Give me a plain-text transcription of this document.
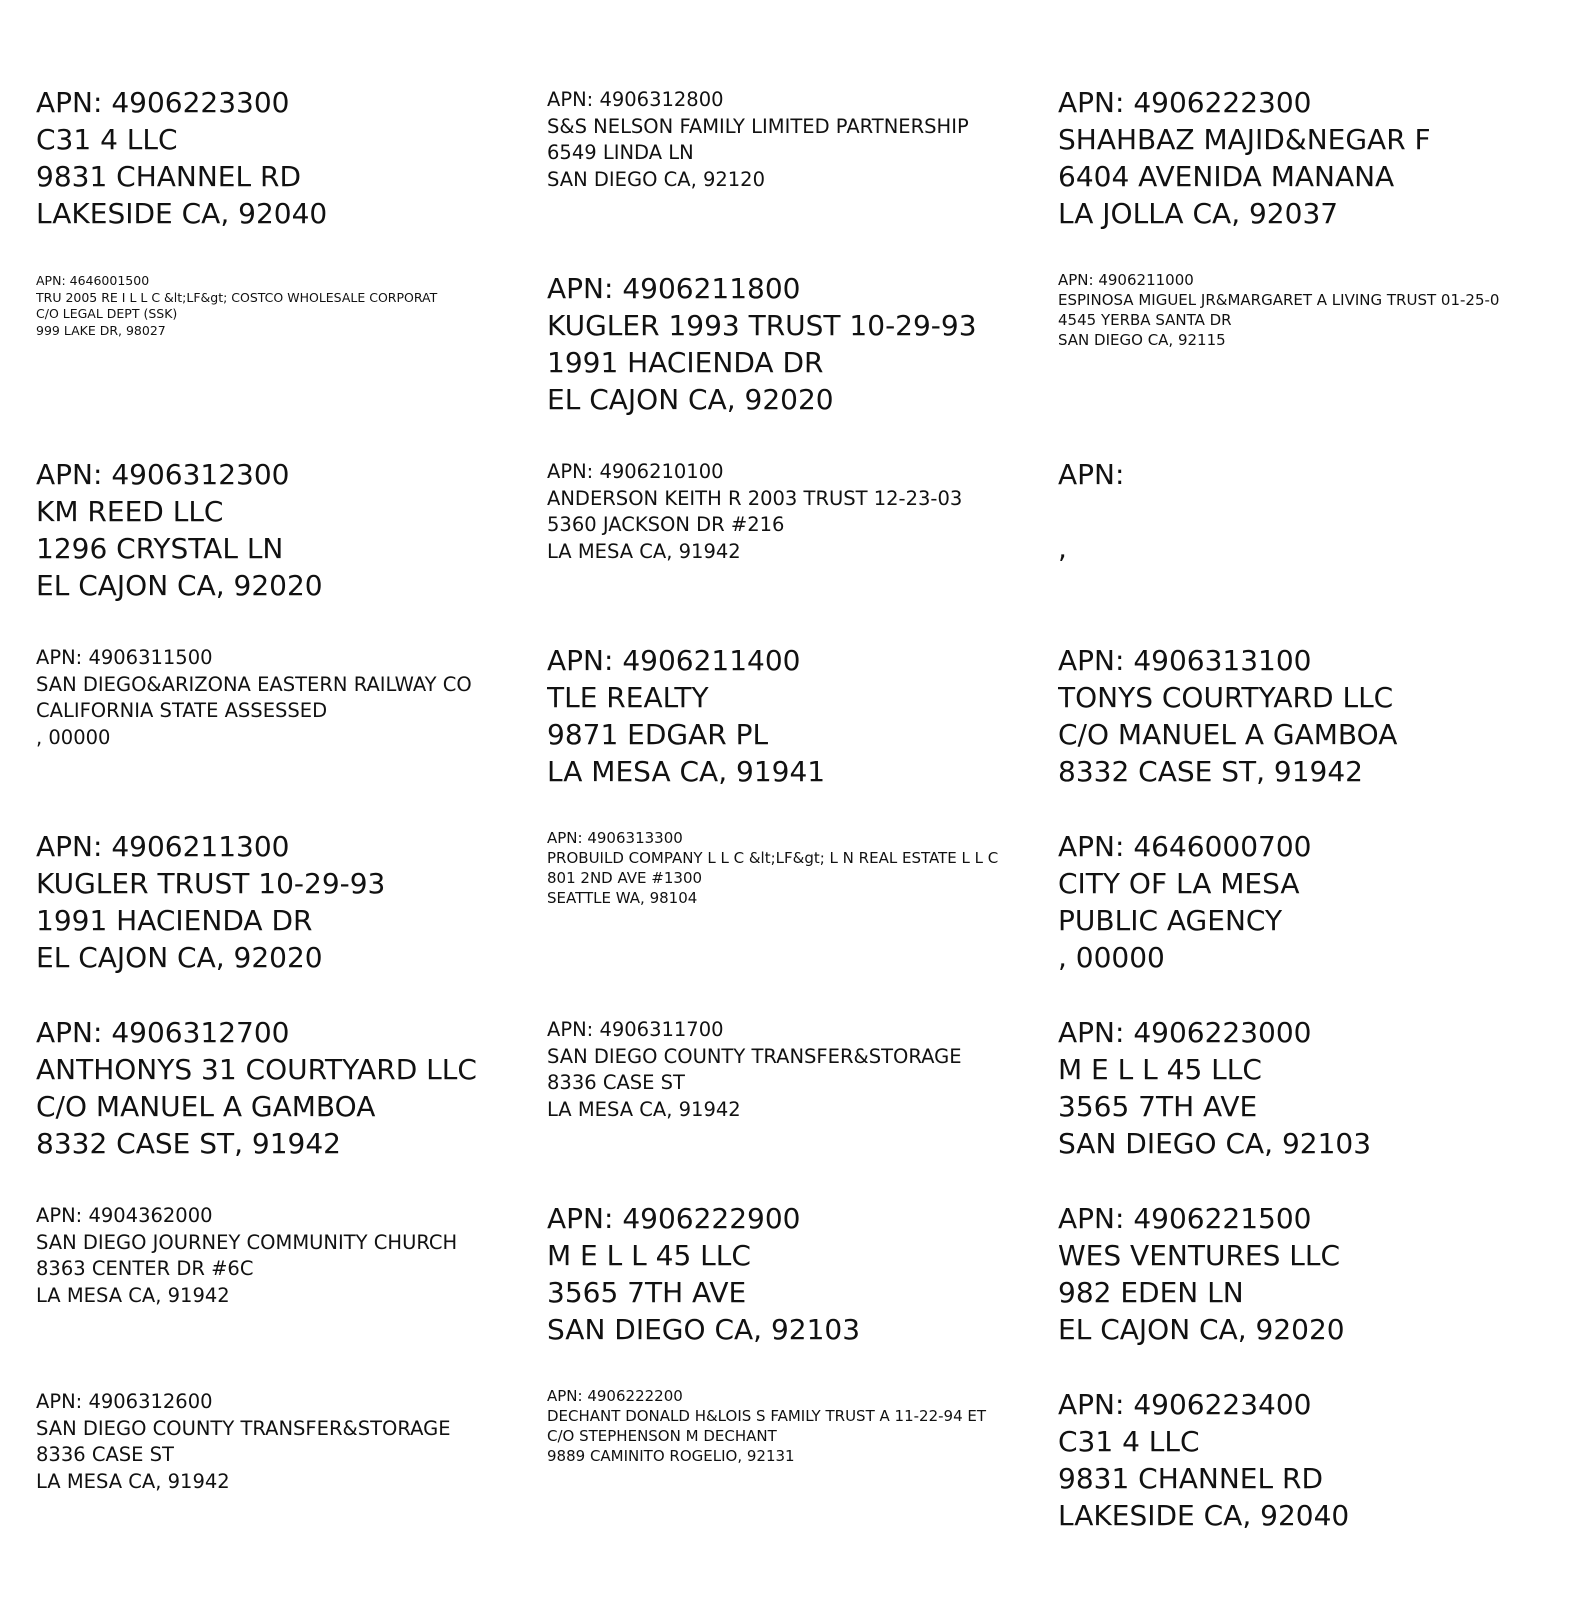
APN: 4906223300
C31 4 LLC
9831 CHANNEL RD
LAKESIDE CA, 92040
APN: 4906312800
S&S NELSON FAMILY LIMITED PARTNERSHIP
6549 LINDA LN
SAN DIEGO CA, 92120
APN: 4906222300
SHAHBAZ MAJID&NEGAR F
6404 AVENIDA MANANA
LA JOLLA CA, 92037
APN: 4646001500
TRU 2005 RE I L L C &lt;LF&gt; COSTCO WHOLESALE CORPORAT
C/O LEGAL DEPT (SSK)
999 LAKE DR, 98027
APN: 4906211800
KUGLER 1993 TRUST 10-29-93
1991 HACIENDA DR
EL CAJON CA, 92020
APN: 4906211000
ESPINOSA MIGUEL JR&MARGARET A LIVING TRUST 01-25-0
4545 YERBA SANTA DR
SAN DIEGO CA, 92115
APN: 4906312300
KM REED LLC
1296 CRYSTAL LN
EL CAJON CA, 92020
APN: 4906210100
ANDERSON KEITH R 2003 TRUST 12-23-03
5360 JACKSON DR #216
LA MESA CA, 91942
APN:
,
APN: 4906311500
SAN DIEGO&ARIZONA EASTERN RAILWAY CO
CALIFORNIA STATE ASSESSED
, 00000
APN: 4906211400
TLE REALTY
9871 EDGAR PL
LA MESA CA, 91941
APN: 4906313100
TONYS COURTYARD LLC
C/O MANUEL A GAMBOA
8332 CASE ST, 91942
APN: 4906211300
KUGLER TRUST 10-29-93
1991 HACIENDA DR
EL CAJON CA, 92020
APN: 4906313300
PROBUILD COMPANY L L C &lt;LF&gt; L N REAL ESTATE L L C
801 2ND AVE #1300
SEATTLE WA, 98104
APN: 4646000700
CITY OF LA MESA
PUBLIC AGENCY
, 00000
APN: 4906312700
ANTHONYS 31 COURTYARD LLC
C/O MANUEL A GAMBOA
8332 CASE ST, 91942
APN: 4906311700
SAN DIEGO COUNTY TRANSFER&STORAGE
8336 CASE ST
LA MESA CA, 91942
APN: 4906223000
M E L L 45 LLC
3565 7TH AVE
SAN DIEGO CA, 92103
APN: 4904362000
SAN DIEGO JOURNEY COMMUNITY CHURCH
8363 CENTER DR #6C
LA MESA CA, 91942
APN: 4906222900
M E L L 45 LLC
3565 7TH AVE
SAN DIEGO CA, 92103
APN: 4906221500
WES VENTURES LLC
982 EDEN LN
EL CAJON CA, 92020
APN: 4906312600
SAN DIEGO COUNTY TRANSFER&STORAGE
8336 CASE ST
LA MESA CA, 91942
APN: 4906222200
DECHANT DONALD H&LOIS S FAMILY TRUST A 11-22-94 ET
C/O STEPHENSON M DECHANT
9889 CAMINITO ROGELIO, 92131
APN: 4906223400
C31 4 LLC
9831 CHANNEL RD
LAKESIDE CA, 92040
